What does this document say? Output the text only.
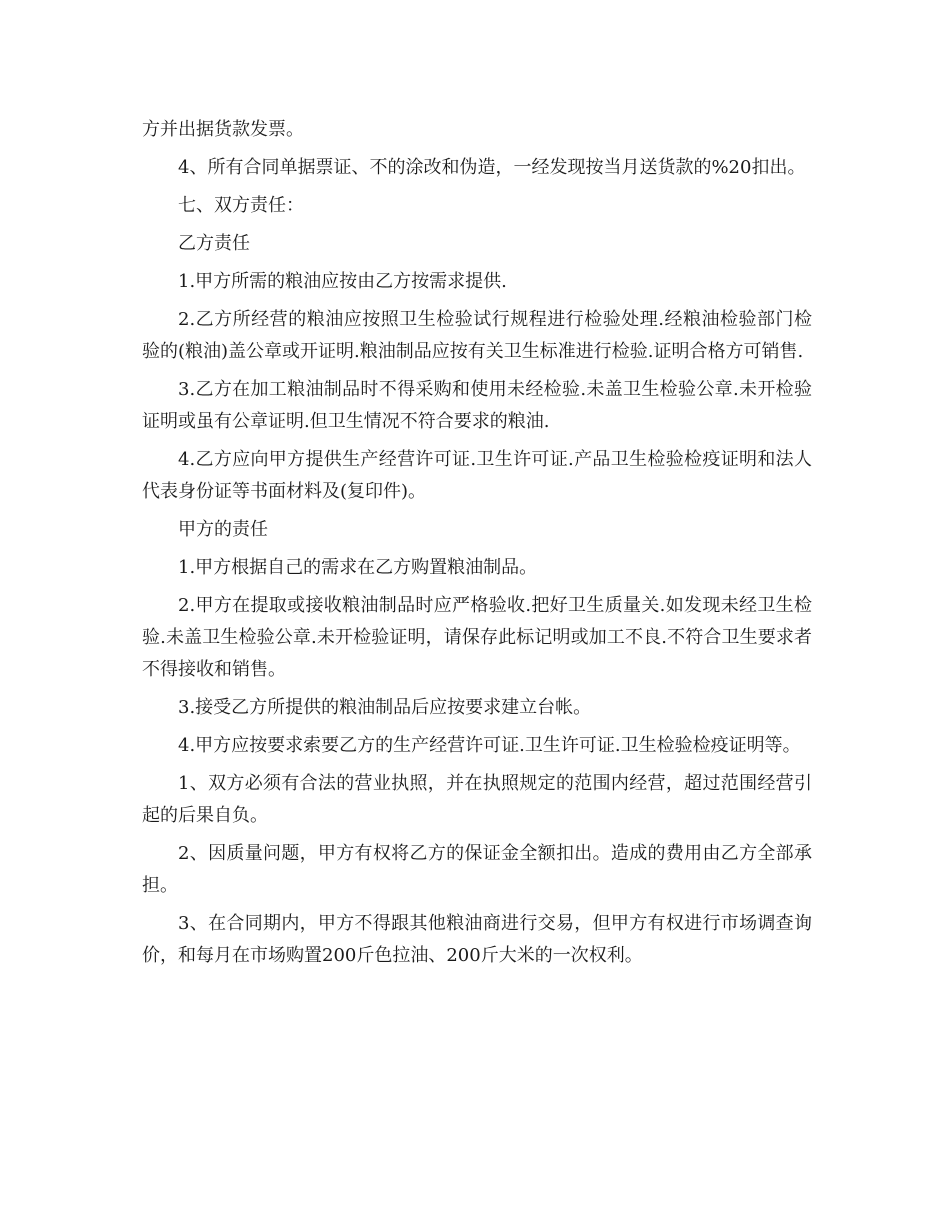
方并出据货款发票。

4、所有合同单据票证、不的涂改和伪造，一经发现按当月送货款的%20扣出。

七、双方责任：

乙方责任

1.甲方所需的粮油应按由乙方按需求提供.

2.乙方所经营的粮油应按照卫生检验试行规程进行检验处理.经粮油检验部门检验的(粮油)盖公章或开证明.粮油制品应按有关卫生标准进行检验.证明合格方可销售.

3.乙方在加工粮油制品时不得采购和使用未经检验.未盖卫生检验公章.未开检验证明或虽有公章证明.但卫生情况不符合要求的粮油.

4.乙方应向甲方提供生产经营许可证.卫生许可证.产品卫生检验检疫证明和法人代表身份证等书面材料及(复印件)。

甲方的责任

1.甲方根据自己的需求在乙方购置粮油制品。

2.甲方在提取或接收粮油制品时应严格验收.把好卫生质量关.如发现未经卫生检验.未盖卫生检验公章.未开检验证明，请保存此标记明或加工不良.不符合卫生要求者不得接收和销售。

3.接受乙方所提供的粮油制品后应按要求建立台帐。

4.甲方应按要求索要乙方的生产经营许可证.卫生许可证.卫生检验检疫证明等。

1、双方必须有合法的营业执照，并在执照规定的范围内经营，超过范围经营引起的后果自负。

2、因质量问题，甲方有权将乙方的保证金全额扣出。造成的费用由乙方全部承担。

3、在合同期内，甲方不得跟其他粮油商进行交易，但甲方有权进行市场调查询价，和每月在市场购置200斤色拉油、200斤大米的一次权利。
